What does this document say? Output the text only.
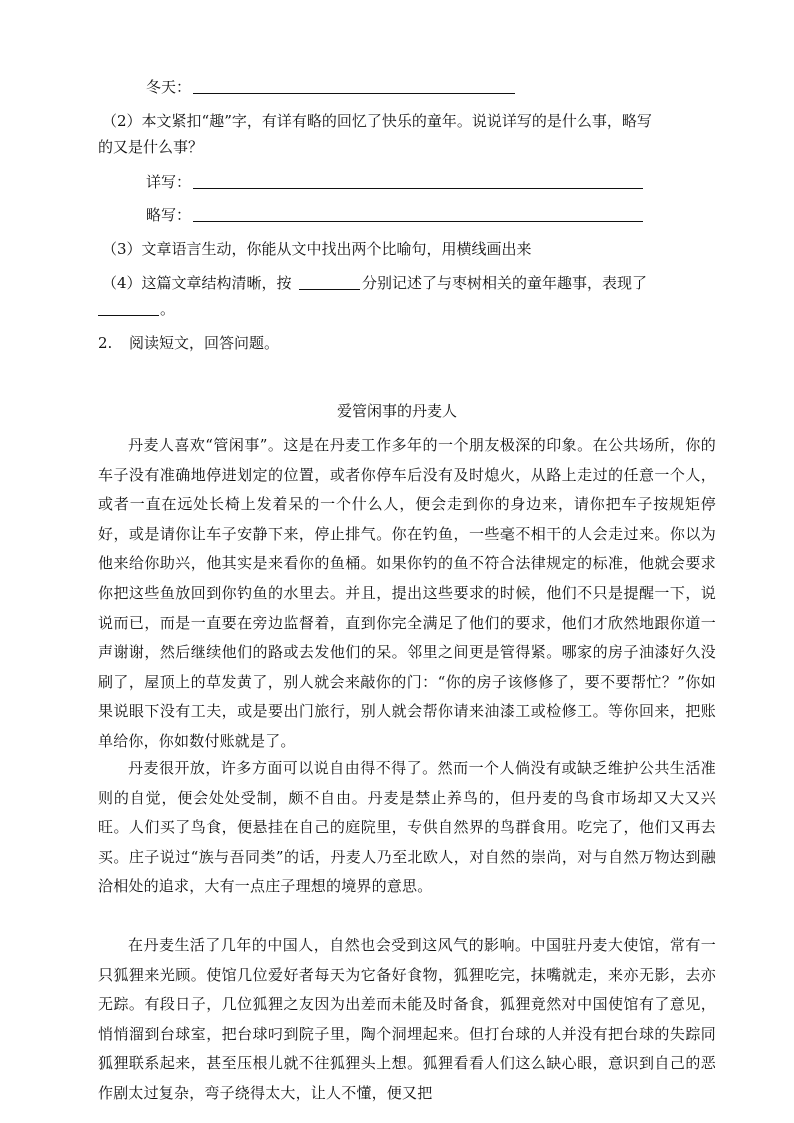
冬天：
（2）本文紧扣“趣”字，有详有略的回忆了快乐的童年。说说详写的是什么事，略写
的又是什么事？
详写：
略写：
（3）文章语言生动，你能从文中找出两个比喻句，用横线画出来
（4）这篇文章结构清晰，按	分别记述了与枣树相关的童年趣事，表现了
。
2. 阅读短文，回答问题。
爱管闲事的丹麦人
丹麦人喜欢“管闲事”。这是在丹麦工作多年的一个朋友极深的印象。在公共场所，你的车子没有准确地停进划定的位置，或者你停车后没有及时熄火，从路上走过的任意一个人，或者一直在远处长椅上发着呆的一个什么人，便会走到你的身边来，请你把车子按规矩停好，或是请你让车子安静下来，停止排气。你在钓鱼，一些毫不相干的人会走过来。你以为他来给你助兴，他其实是来看你的鱼桶。如果你钓的鱼不符合法律规定的标准，他就会要求你把这些鱼放回到你钓鱼的水里去。并且，提出这些要求的时候，他们不只是提醒一下，说说而已，而是一直要在旁边监督着，直到你完全满足了他们的要求，他们才欣然地跟你道一声谢谢，然后继续他们的路或去发他们的呆。邻里之间更是管得紧。哪家的房子油漆好久没刷了，屋顶上的草发黄了，别人就会来敲你的门：“你的房子该修修了，要不要帮忙？”你如果说眼下没有工夫，或是要出门旅行，别人就会帮你请来油漆工或检修工。等你回来，把账单给你，你如数付账就是了。
丹麦很开放，许多方面可以说自由得不得了。然而一个人倘没有或缺乏维护公共生活准则的自觉，便会处处受制，颇不自由。丹麦是禁止养鸟的，但丹麦的鸟食市场却又大又兴旺。人们买了鸟食，便悬挂在自己的庭院里，专供自然界的鸟群食用。吃完了，他们又再去买。庄子说过“族与吾同类”的话，丹麦人乃至北欧人，对自然的崇尚，对与自然万物达到融洽相处的追求，大有一点庄子理想的境界的意思。
在丹麦生活了几年的中国人，自然也会受到这风气的影响。中国驻丹麦大使馆，常有一只狐狸来光顾。使馆几位爱好者每天为它备好食物，狐狸吃完，抹嘴就走，来亦无影，去亦无踪。有段日子，几位狐狸之友因为出差而未能及时备食，狐狸竟然对中国使馆有了意见，悄悄溜到台球室，把台球叼到院子里，陶个洞埋起来。但打台球的人并没有把台球的失踪同狐狸联系起来，甚至压根儿就不往狐狸头上想。狐狸看看人们这么缺心眼，意识到自己的恶作剧太过复杂，弯子绕得太大，让人不懂，便又把
